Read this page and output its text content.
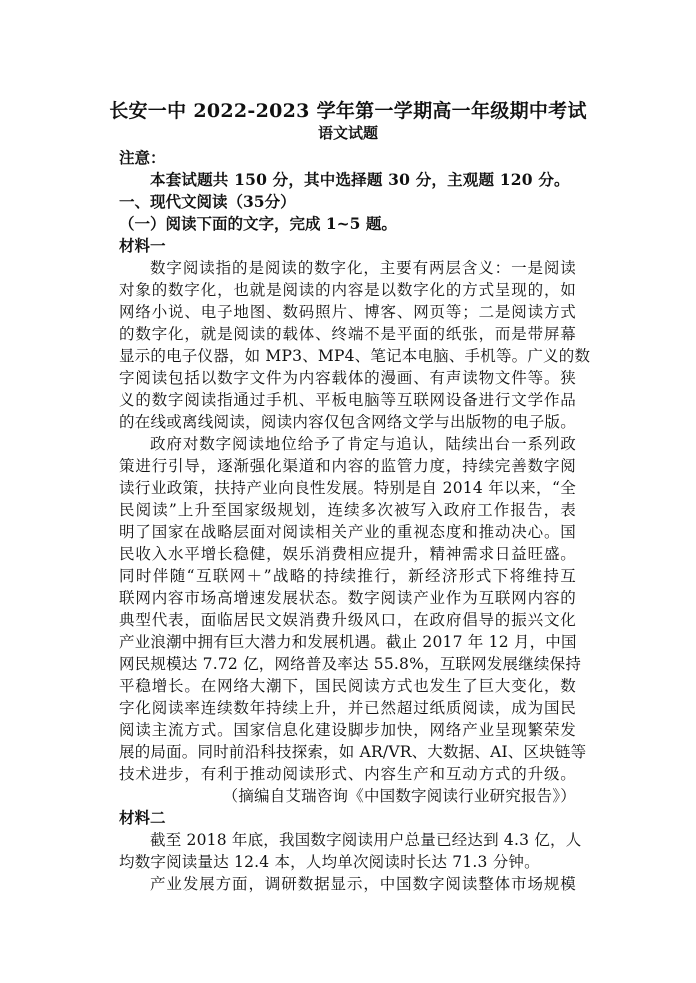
长安一中 2022-2023 学年第一学期高一年级期中考试
语文试题
注意：
本套试题共 150 分，其中选择题 30 分，主观题 120 分。
一、现代文阅读（35分）
（一）阅读下面的文字，完成 1~5 题。
材料一
数字阅读指的是阅读的数字化，主要有两层含义：一是阅读
对象的数字化，也就是阅读的内容是以数字化的方式呈现的，如
网络小说、电子地图、数码照片、博客、网页等；二是阅读方式
的数字化，就是阅读的载体、终端不是平面的纸张，而是带屏幕
显示的电子仪器，如 MP3、MP4、笔记本电脑、手机等。广义的数
字阅读包括以数字文件为内容载体的漫画、有声读物文件等。狭
义的数字阅读指通过手机、平板电脑等互联网设备进行文学作品
的在线或离线阅读，阅读内容仅包含网络文学与出版物的电子版。
政府对数字阅读地位给予了肯定与追认，陆续出台一系列政
策进行引导，逐渐强化渠道和内容的监管力度，持续完善数字阅
读行业政策，扶持产业向良性发展。特别是自 2014 年以来，“全
民阅读”上升至国家级规划，连续多次被写入政府工作报告，表
明了国家在战略层面对阅读相关产业的重视态度和推动决心。国
民收入水平增长稳健，娱乐消费相应提升，精神需求日益旺盛。
同时伴随“互联网＋”战略的持续推行，新经济形式下将维持互
联网内容市场高增速发展状态。数字阅读产业作为互联网内容的
典型代表，面临居民文娱消费升级风口，在政府倡导的振兴文化
产业浪潮中拥有巨大潜力和发展机遇。截止 2017 年 12 月，中国
网民规模达 7.72 亿，网络普及率达 55.8%，互联网发展继续保持
平稳增长。在网络大潮下，国民阅读方式也发生了巨大变化，数
字化阅读率连续数年持续上升，并已然超过纸质阅读，成为国民
阅读主流方式。国家信息化建设脚步加快，网络产业呈现繁荣发
展的局面。同时前沿科技探索，如 AR/VR、大数据、AI、区块链等
技术进步，有利于推动阅读形式、内容生产和互动方式的升级。
（摘编自艾瑞咨询《中国数字阅读行业研究报告》）
材料二
截至 2018 年底，我国数字阅读用户总量已经达到 4.3 亿，人
均数字阅读量达 12.4 本，人均单次阅读时长达 71.3 分钟。
产业发展方面，调研数据显示，中国数字阅读整体市场规模
